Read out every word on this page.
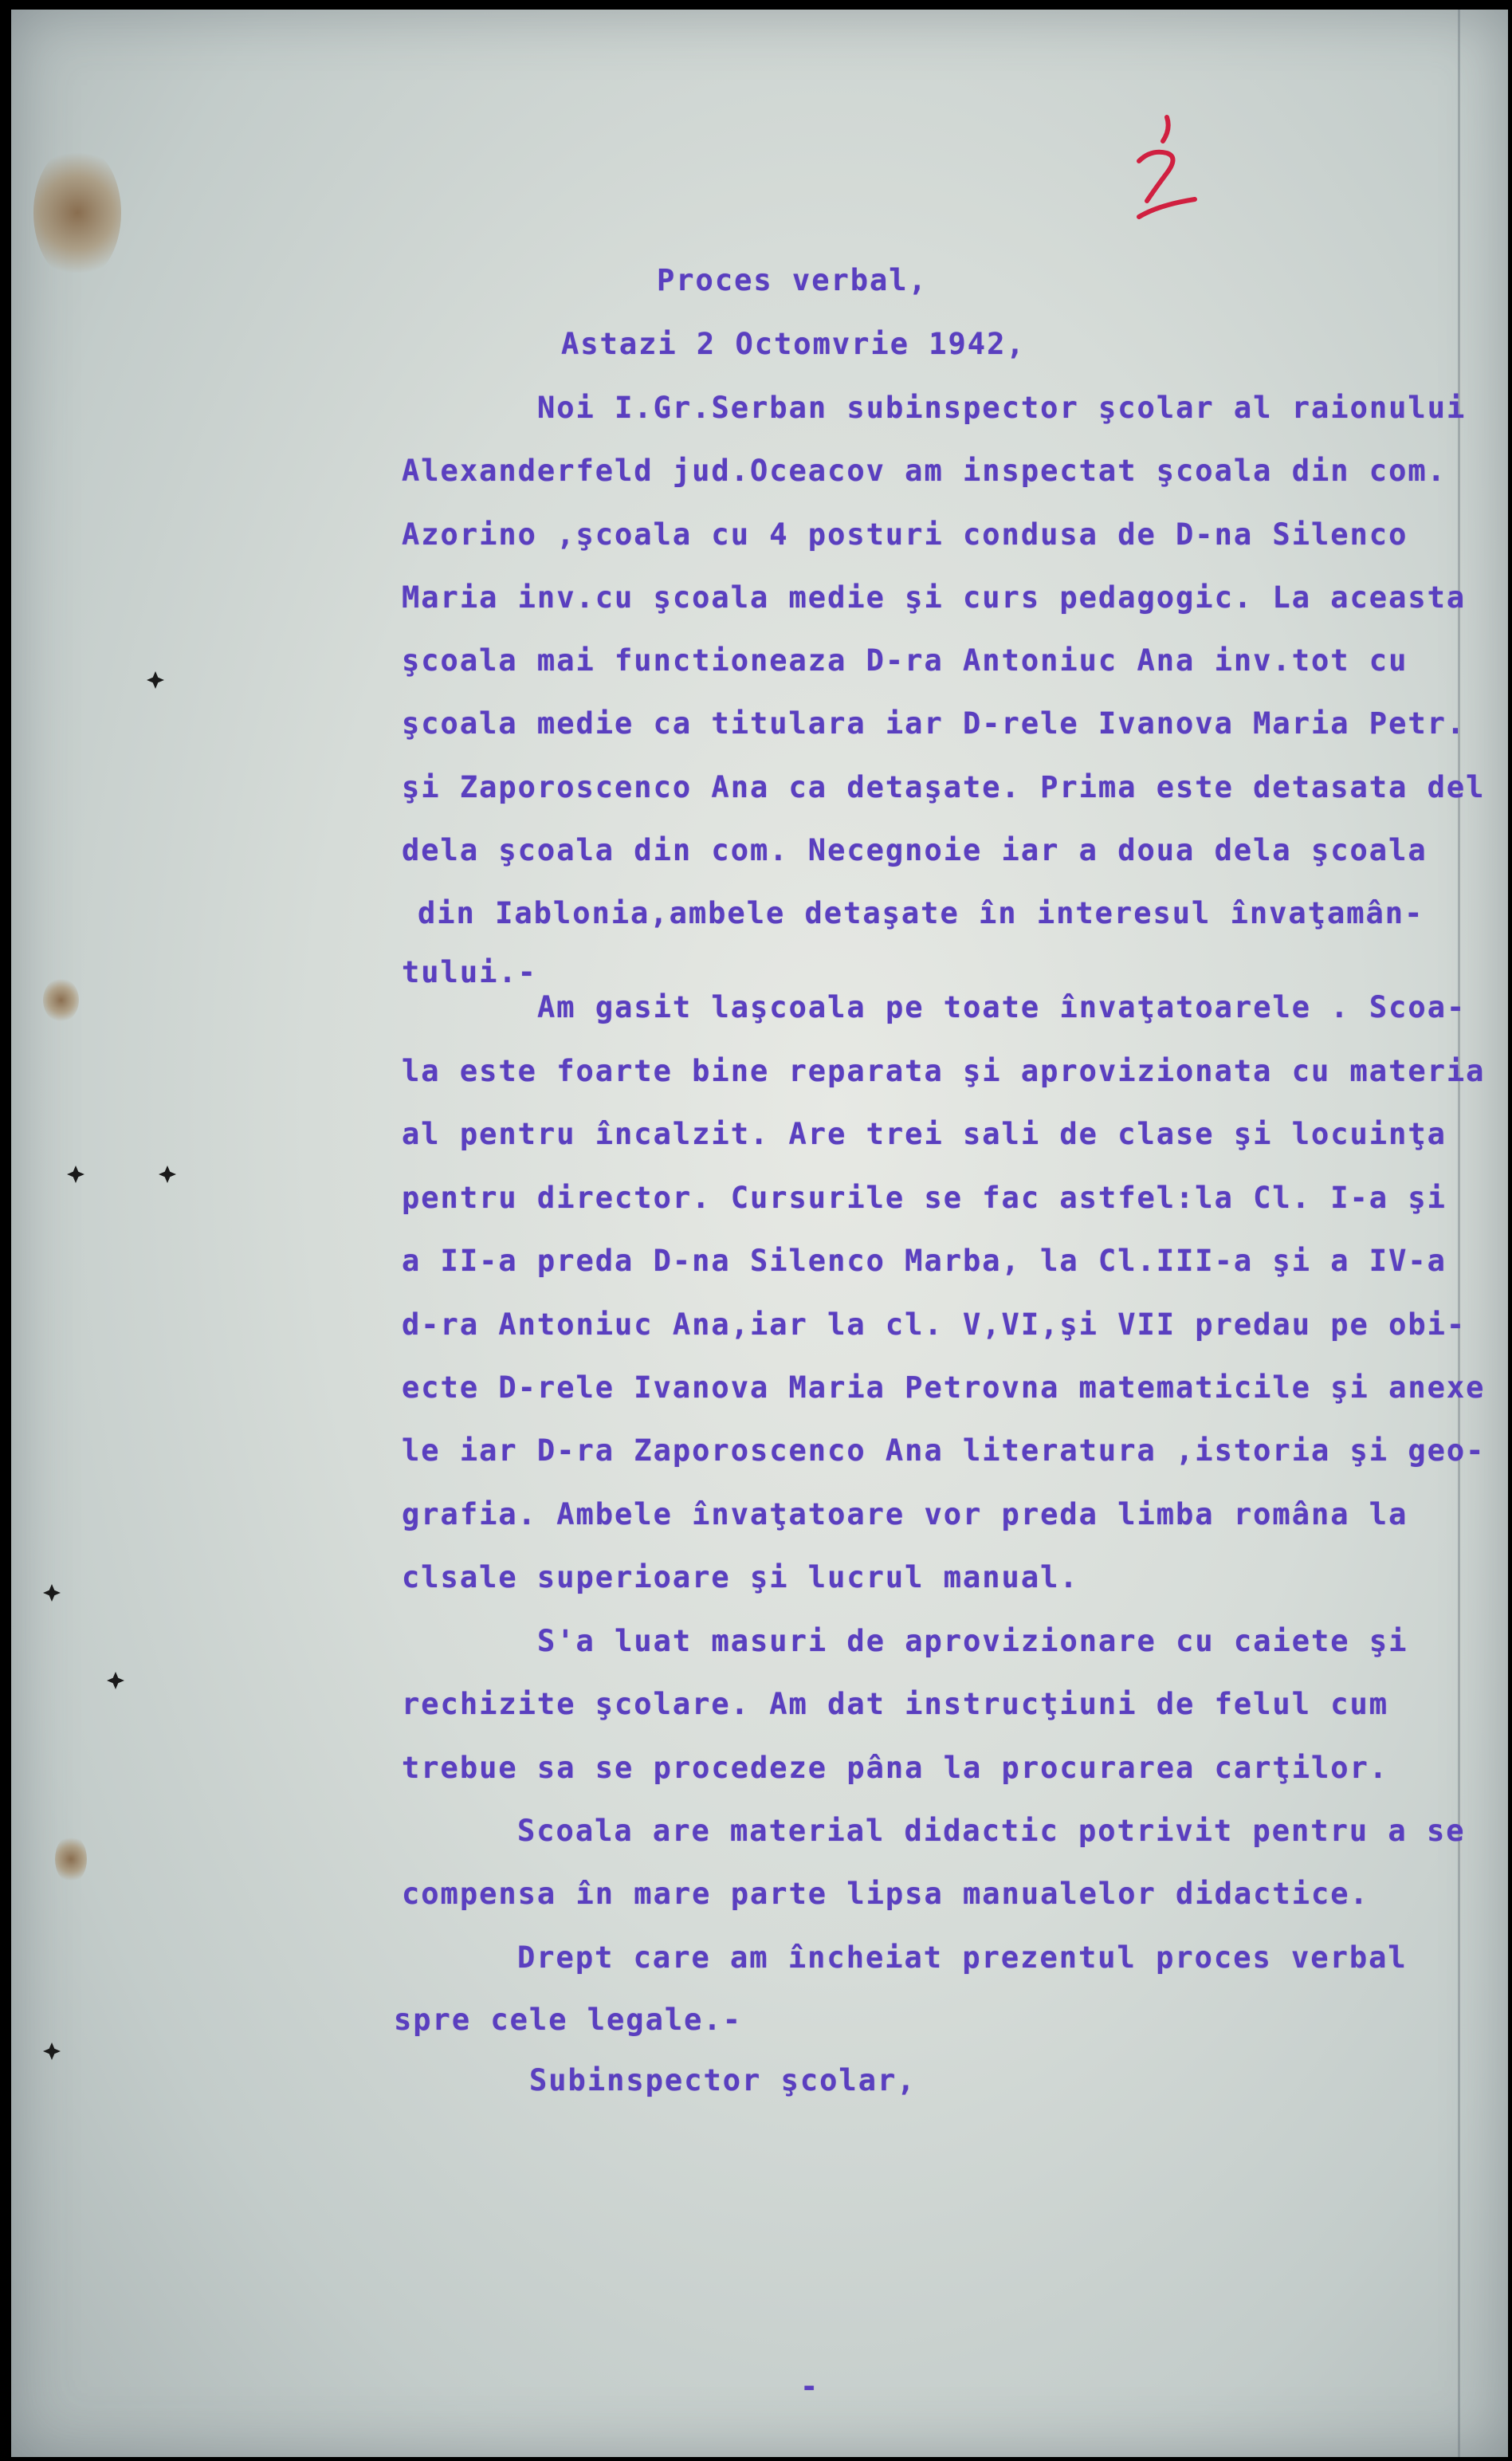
Proces verbal,
Astazi 2 Octomvrie 1942,
Noi I.Gr.Serban subinspector şcolar al raionului
Alexanderfeld jud.Oceacov am inspectat şcoala din com.
Azorino ,şcoala cu 4 posturi condusa de D-na Silenco
Maria inv.cu şcoala medie şi curs pedagogic. La aceasta
şcoala mai functioneaza D-ra Antoniuc Ana inv.tot cu
şcoala medie ca titulara iar D-rele Ivanova Maria Petr.
şi Zaporoscenco Ana ca detaşate. Prima este detasata del
dela şcoala din com. Necegnoie iar a doua dela şcoala
din Iablonia,ambele detaşate în interesul învaţamân-
tului.-
Am gasit laşcoala pe toate învaţatoarele . Scoa-
la este foarte bine reparata şi aprovizionata cu materia
al pentru încalzit. Are trei sali de clase şi locuinţa
pentru director. Cursurile se fac astfel:la Cl. I-a şi
a II-a preda D-na Silenco Marba, la Cl.III-a şi a IV-a
d-ra Antoniuc Ana,iar la cl. V,VI,şi VII predau pe obi-
ecte D-rele Ivanova Maria Petrovna matematicile şi anexe
le iar D-ra Zaporoscenco Ana literatura ,istoria şi geo-
grafia. Ambele învaţatoare vor preda limba româna la
clsale superioare şi lucrul manual.
S'a luat masuri de aprovizionare cu caiete şi
rechizite şcolare. Am dat instrucţiuni de felul cum
trebue sa se procedeze pâna la procurarea carţilor.
Scoala are material didactic potrivit pentru a se
compensa în mare parte lipsa manualelor didactice.
Drept care am încheiat prezentul proces verbal
spre cele legale.-
Subinspector şcolar,
-
